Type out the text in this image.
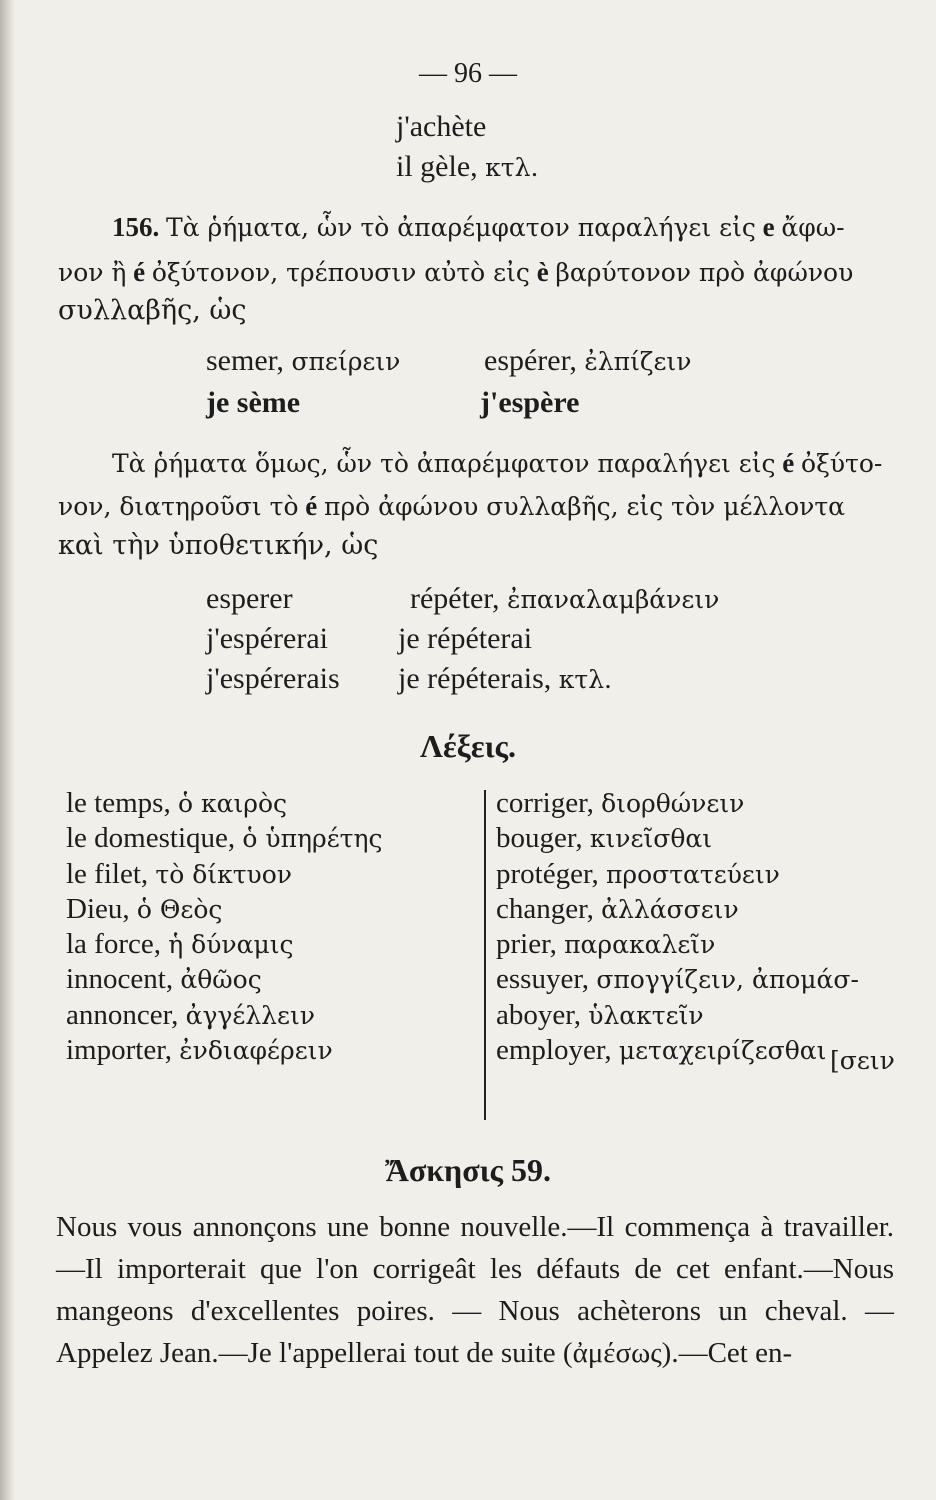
— 96 —
j'achète
il gèle, κτλ.
156. Τὰ ῥήματα, ὧν τὸ ἀπαρέμφατον παραλήγει εἰς e ἄφω-
νον ἢ é ὀξύτονον, τρέπουσιν αὐτὸ εἰς è βαρύτονον πρὸ ἀφώνου
συλλαβῆς, ὡς
semer, σπείρειν	espérer, ἐλπίζειν
je sème	j'espère
Τὰ ῥήματα ὅμως, ὧν τὸ ἀπαρέμφατον παραλήγει εἰς é ὀξύτο-
νον, διατηροῦσι τὸ é πρὸ ἀφώνου συλλαβῆς, εἰς τὸν μέλλοντα
καὶ τὴν ὑποθετικήν, ὡς
esperer
j'espérerai
j'espérerais
répéter, ἐπαναλαμβάνειν
je répéterai
je répéterais, κτλ.
Λέξεις.
le temps, ὁ καιρὸς
le domestique, ὁ ὑπηρέτης
le filet, τὸ δίκτυον
Dieu, ὁ Θεὸς
la force, ἡ δύναμις
innocent, ἀθῶος
annoncer, ἀγγέλλειν
importer, ἐνδιαφέρειν
corriger, διορθώνειν
bouger, κινεῖσθαι
protéger, προστατεύειν
changer, ἀλλάσσειν
prier, παρακαλεῖν
essuyer, σπογγίζειν, ἀπομάσ-
aboyer, ὑλακτεῖν
employer, μεταχειρίζεσθαι [σειν
Ἄσκησις 59.
Nous vous annonçons une bonne nouvelle.—Il commença à travailler.—Il importerait que l'on corrigeât les défauts de cet enfant.—Nous mangeons d'excellentes poires. — Nous achèterons un cheval. — Appelez Jean.—Je l'appellerai tout de suite (ἀμέσως).—Cet en-
